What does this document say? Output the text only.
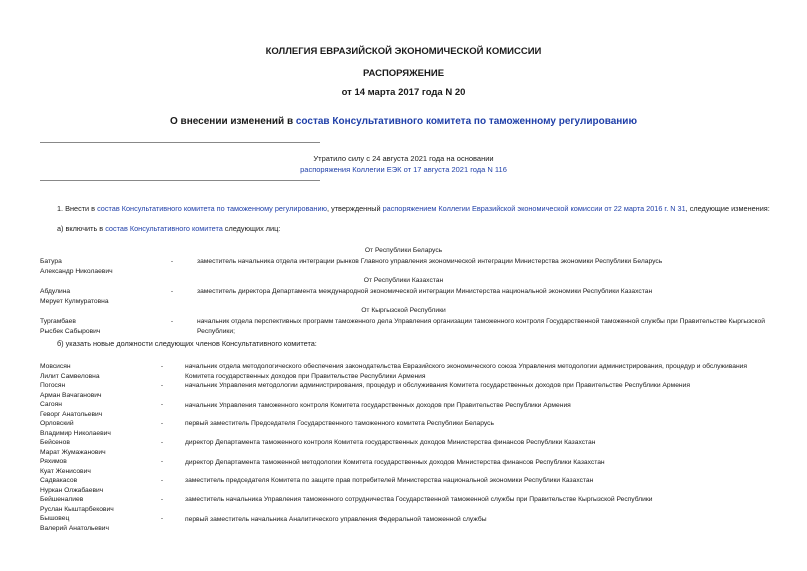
КОЛЛЕГИЯ ЕВРАЗИЙСКОЙ ЭКОНОМИЧЕСКОЙ КОМИССИИ
РАСПОРЯЖЕНИЕ
от 14 марта 2017 года N 20
О внесении изменений в состав Консультативного комитета по таможенному регулированию
Утратило силу с 24 августа 2021 года на основании
распоряжения Коллегии ЕЭК от 17 августа 2021 года N 116
1. Внести в состав Консультативного комитета по таможенному регулированию, утвержденный распоряжением Коллегии Евразийской экономической комиссии от 22 марта 2016 г. N 31, следующие изменения:
а) включить в состав Консультативного комитета следующих лиц:
От Республики Беларусь
Батура
Александр Николаевич
-	заместитель начальника отдела интеграции рынков Главного управления экономической интеграции Министерства экономики Республики Беларусь

От Республики Казахстан
Абдулина
Мерует Кулмуратовна
-	заместитель директора Департамента международной экономической интеграции Министерства национальной экономики Республики Казахстан

От Кыргызской Республики
Тургамбаев
Рысбек Сабырович
-	начальник отдела перспективных программ таможенного дела Управления организации таможенного контроля Государственной таможенной службы при Правительстве Кыргызской
Республики;
б) указать новые должности следующих членов Консультативного комитета:
Мовсисян
Лилит Самвеловна
-	начальник отдела методологического обеспечения законодательства Евразийского экономического союза Управления методологии администрирования, процедур и обслуживания
Комитета государственных доходов при Правительстве Республики Армения
Погосян
Арман Вачаганович
-	начальник Управления методологии администрирования, процедур и обслуживания Комитета государственных доходов при Правительстве Республики Армения
Сагоян
Геворг Анатольевич
-	начальник Управления таможенного контроля Комитета государственных доходов при Правительстве Республики Армения
Орловский
Владимир Николаевич
-	первый заместитель Председателя Государственного таможенного комитета Республики Беларусь
Бейсенов
Марат Жумажанович
-	директор Департамента таможенного контроля Комитета государственных доходов Министерства финансов Республики Казахстан
Ряхимов
Куат Женисович
-	директор Департамента таможенной методологии Комитета государственных доходов Министерства финансов Республики Казахстан
Садвакасов
Нуркан Олжабаевич
-	заместитель председателя Комитета по защите прав потребителей Министерства национальной экономики Республики Казахстан
Бейшеналиев
Руслан Кыштарбекович
-	заместитель начальника Управления таможенного сотрудничества Государственной таможенной службы при Правительстве Кыргызской Республики
Бышовец
Валерий Анатольевич
-	первый заместитель начальника Аналитического управления Федеральной таможенной службы
